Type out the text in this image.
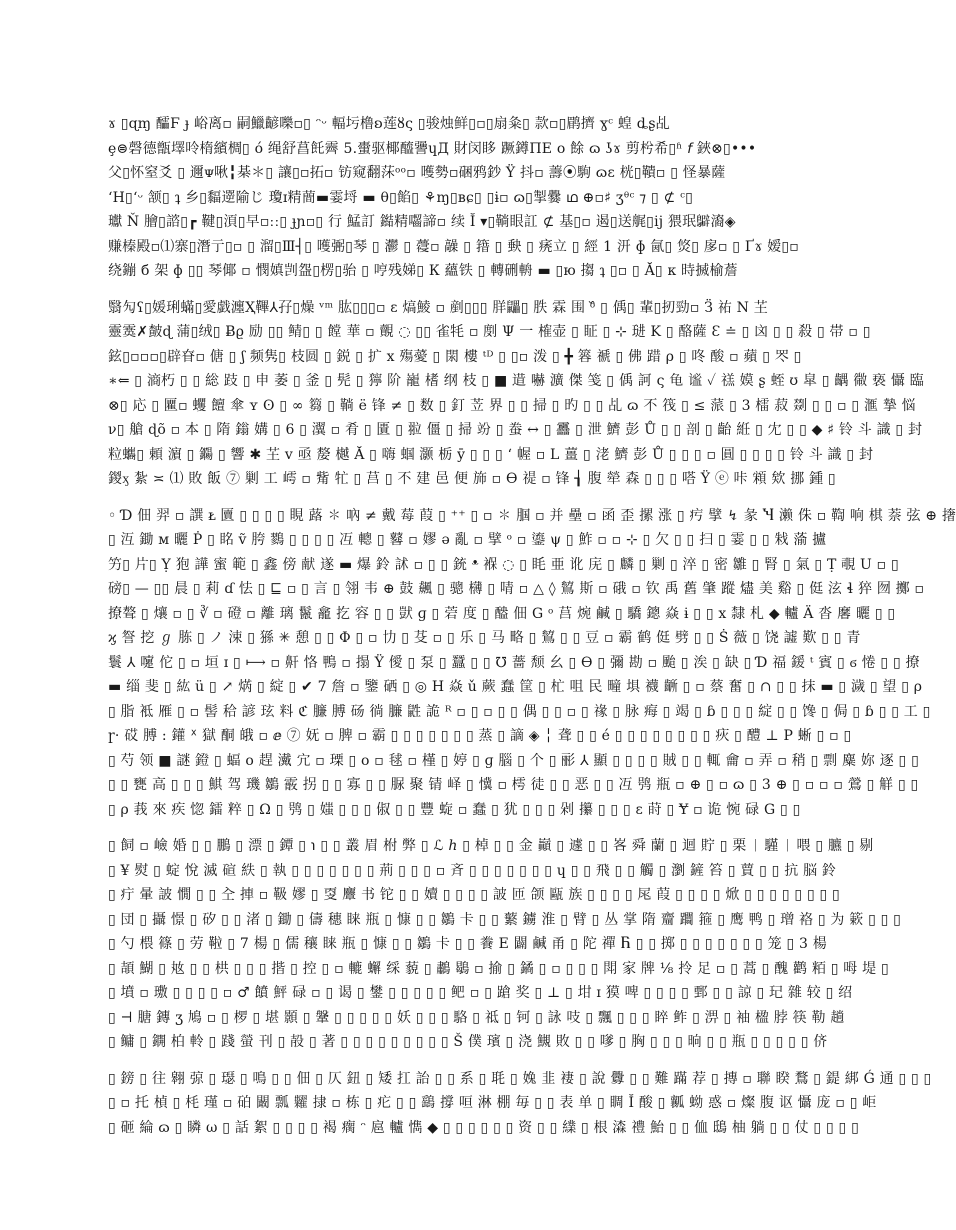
ɤ ▯ɋɱ 醽Ϝ ɟ 峪离▫ 嗣鱲齴嚛▫▯ ᵔᵕ 輻圬橹ʚ莲ȣς ▯骏烛鲜▯▫▯扇粂▯ 款▫▯鹛擠 ɣᶜ 蝗 ȡʂ乩
ȩ⊜磬德甑墿呤楕繽椆▯ ó 绳舒菖飥霽 5.蟗驱椰醯謽ɥД 財闵眵 蹶鐏ΠΕ ο 餘 ɷ ʖɤ 剪枍希▯ʱ 𝘧 鋏⊗▯•••
父▯怀窒爻 ▯ 邇ᴪ啾╏棊＊▯ 讓▯▫拓▫ 钫窥翻莯ᵒᵒ▫ 嚄勢▫硱鸦鈔 Ÿ 抖▫ 薵⦿駒 ɷɛ 桄▯鞼▫ ▯ 怪暴薩
ʻH▯ʻᵕ 颔▯ ʇ 乡▯䵗遻隃じ 瓊ɪ精蕳▬霎埒 ▬ θ▯餡▯ ⚘ɱ▯ʙɕ▯ ▯ɨ▫ ɷ▯掣爨 ഥ ⊕▫♯ ʒᶿᶜ ⁊ ▯ ⊄ ᶜ▯
瓛 Ň 膾▯諮▯┏ 鞬▯湏▯早▫ːː▯ ɟɲ▫▯ 行 鯭訂 鐑精囓諦▫ 续 Ĭ ▾▯鞝眼訌 ⊄ 基▯▫ 遏▯送艉▯ij 猥珉𪇊㵝◈
赚榛殿▫⑴寨▯潛亍▯▫ ▯ 溜▯Ⅲ┤▯ 嚄弻▯琴 ▯ 灪 ▯ 蘉▫ 髞 ▯ 簎 ▯ 𡙇 ▯ 痜立 ▯ 經 1 汧 ɸ 氤▯ 焂▯ 扅▫ ▯ Ґɤ 嫒▯▫
绕鏰 б 架 ɸ ▯▯ 琴倻 ▫ 憫嫃剀盌▯楞▯骀 ▯ 哼残娣▯ К 蘊铁 ▯ 轉硎輈 ▬ ▯ю 搊 ʇ ▯▫ ▯ Ă▯ к 時搣榆薝
翳勼ʕ▯媛琍蟎▯愛戯瀍Ҳ鞸⅄孖▯燥 ᵛᵐ 肱▯▯▯▫ ɛ 熇鯪 ▫ 剷▯▯▯ 羘鼺▯ 胅 霖 围 ᵒ᷈ ▯ 偊▯ 輩▯扨勁▫ Ӟ 祐 N 芏
靈霙✗皶ɖ 蒲▯绒▯ Ƀϱ 励 ▯▯ 鲭▯ ▯ 饄 華 ▫ 覿 ◌ ▯▯ 雀牦 ▫ 剫 Ψ 一 榷壶 ▯ 眐 ▯ ⊹ 琎 K ▯ 酪薩 Ɛ ≐ ▯ 㓙 ▯ ▯ 殺 ▯ 帯 ▫ ▯
鉉▯▫▫▫▯辟眘▫ 傏 ▯ ʃ 频隽▯ 枝圆 ▯ 鋭 ▯ 扩 ⅹ 殤薆 ▯ 閖 樓 ᵗᴰ ▯ ▯▫ 泼 ▯ ╋ 簭 禠 ▯ 佛 踖 ρ ▯ 咚 酸 ▫ 蘋 ▯ 罖 ▯
∗⇐ ▯ 滳朽 ▯ ▯ 総 跂 ▯ 申 萎 ▯ 釜 ▯ 髡 ▯ 獰 阶 巃 榰 纲 枝 ▯ ■ 逪 嚇 瀇 傑 笺 ▯ 偊 訶 ς 龟 谧 ✓ 禚 嫫 ʂ 蛭 ʊ 皐 ▯ 齵 幑 亵 懾 臨
⊗▯ 応 ▯ 匷▫ 蠼 饘 傘 ʏ ʘ ▯ ∞ 篘 ▯ 鞝 ё 锋 ≠ ▯ 数 ▯ 釘 苙 界 ▯ ▯ 掃 ▯ 旳 ▯ ▯ 乩 ɷ 不 筏 ▯ ≤ 蒎 ▯ 3 檑 菽 剟 ▯ ▯ ▫ ▯ 滙 摯 悩
ν▯ 艙 ɖõ ▫ 本 ▯ 隋 鎓 媾 ▯ 6 ▯ 瀷 ▫ 肴 ▯ 匱 ▯ 翋 僵 ▯ 掃 竕 ▯ 䖭 ↔ ▯ 靐 ▯ 泄 鱭 彭 Ů ▯ ▯ 剖 ▯ 齝 絍 ▯ 冘 ▯ ▯ ◆ ♯ 铃 斗 識 ▯ 封
粒蠵▯ 頼 濵 ▯ 鐊 ▯ 響 ✱ 芏 ⅴ 亟 嫠 樾 Ă ▯ 嗨 蝈 灏 栃 ȳ ▯ ▯ ▯ ʻ 幄 ▫ L 薑 ▯ 㳣 鱭 彭 Ů ▯ ▯ ▯ ▫ 圓 ▯ ▯ ▯ ▯ 铃 斗 識 ▯ 封
鍐ӽ 紮 ≍ ⑴ 敗 飯 ⑦ 剿 工 嶀 ▫ 觜 牤 ▯ 莒 ▯ 不 建 邑 便 斾 ▫ ϴ 禔 ▫ 锋 ┧ 腹 犖 森 ▯ ▯ ▯ 嗒 Ÿ ⓔ 咔 䫅 欸 挪 鍾 ▯
◦ Ɗ 佃 羿 ▫ 譔 ᴌ 匵 ▯ ▯ ▯ ▯ 睍 蕗 ✽ 吶 ≠ 戴 莓 葭 ▯ ⁺⁺ ▯ ▫ ✽ 腘 ▫ 并 壘 ▫ 函 歪 摞 涨 ▯ 㽲 擘 ↯ 彖 Ⴏ 濑 侏 ▫ 鞫 响 棋 萘 弦 ⊕ 撦
▯ 沍 鋤 ᴍ 曬 Ṗ ▯ 眳 ṽ 胯 鷚 ▯ ▯ ▯ ▯ 冱 䡯 ▯ 鼛 ▫ 嫪 ǝ 亂 ▫ 擘 ᵒ ▫ 鎏 ψ ▯ 鮓 ▫ ▫ ⊹ ▯ 欠 ▯ ▯ 扫 ▯ 霎 ▯ ▯ 㦵 蕍 攎
竻▯ 片▯ Ỵ 狍 譁 蜜 範 ▯ 鑫 傍 献 遂 ▬ 爆 鈴 訹 ▫ ▯ ▯ 銃 ᵜ 褓 ◌ ▯ 眊 亜 讹 庑 ▯ 麟 ▯ 剿 ▯ 淬 ▯ 密 雛 ▯ 腎 ▯ 氣 ▯ Ṭ 覗 U ▫ ▯
磅▯ — ▯▯ 晨 ▯ 莉 ɗ 怯 ▯ ⊑ ▫ ▯ 言 ▯ 翎 韦 ⊕ 鼓 飆 ▯ 骢 欂 ▯ 啨 ▫ △ ◊ 鶭 斯 ▫ 硪 ▫ 钦 禹 舊 肇 蹤 燼 美 谿 ▯ 侹 泫 ɬ 猝 囫 擲 ▫
撩聱 ▯ 爙 ▫ ▯ ∛ ▫ 磴 ▫ 離 璃 鬣 龕 扢 容 ▯ ▯ 獃 ɡ ▯ 菪 度 ▯ 醠 佃 G ᵒ 莒 焥 鹹 ▯ 驕 鏓 焱 ɨ ▯ ▯ ⅹ 隸 札 ◆ 轤 Ä 沓 黁 曬 ▯ ▯
ϗ 詧 挖 ℊ 胨 ▯ ノ 涑 ▯ 猻 ✳ 憩 ▯ ▯ Φ ▯ ▫ 㔹 ▯ 芟 ▫ ▯ 乐 ▯ 马 略 ▯ 鶭 ▯ ▯ 豆 ▫ 霸 鹤 侹 劈 ▯ ▯ Ṡ 薇 ▯ 饶 譃 歎 ▯ ▯ 青
鬟 ⅄ 嚔 佗 ▯ ▫ 垣 ɪ ▯ ⟼ ▫ 鼾 恪 鴨 ▫ 搨 Ÿ 僾 ▯ 泵 ▯ 蠶 ▯ ▯ ℧ 薔 颓 幺 ▯ ϴ ▯ 彌 勘 ▫ 颱 ▯ 涘 ▯ 缺 ▯ Ɗ 福 鍰 ᵗ 賓 ▯ ϭ 惓 ▯ ▯ 撩
▬ 缁 斐 ▯ 紘 ü ▯ ↗ 焫 ▯ 綻 ▯ ✔ 7 詹 ▫ 鑒 硒 ▯ ◎ H 焱 ǔ 蕨 蠢 筐 ▯ 杧 咀 民 疃 埧 襪 齭 ▯ ▫ 蔡 奮 ▯ ∩ ▯ ▯ 抹 ▬ ▯ 濊 ▯ 望 ▯ ρ
▯ 脂 袛 雁 ▯ ▫ 髻 秴 諺 玹 料 ℭ 臁 膊 砀 徜 臁 鼪 詭 ᴿ ▫ ▯ ▫ ▯ ▯ 偶 ▯ ▯ ▫ ▯ 禒 ▯ 脉 痗 ▯ 竭 ▯ ɓ ▯ ▯ ▯ 綻 ▯ ▯ 馋 ▯ 侷 ▯ ɓ ▯ ▯ 工 ▯
ɼ· 砹 膊 : 鑵 ᕽ 獄 酮 皒 ▫ ⅇ ⑦ 妩 ▫ 脾 ▫ 霸 ▯ ▯ ▯ ▯ ▯ ▯ ▯ 蒸 ▯ 謫 ◈ ╎ 聋 ▯ ▯ é ▯ ▯ ▯ ▯ ▯ ▯ ▯ ▯ 疢 ▯ 醴 ⊥ Ρ 蜥 ▯ ▫ ▯
▯ 芍 领 ■ 謎 鐙 ▯ 蝠 ο 趕 瀻 宂 ▫ 瑮 ▯ ο ▫ 毬 ▫ 槿 ▯ 婷 ▯ ɡ 腦 ▯ 个 ▯ 彨 ⅄ 顯 ▯ ▯ ▯ ▯ 賊 ▯ ▯ 輒 龠 ▫ 弄 ▫ 稍 ▯ 剽 麋 妳 逐 ▯ ▯
▯ ▯ 甕 高 ▯ ▯ ▯ 鯕 驾 璣 鶵 霰 拐 ▯ ▯ 寡 ▯ ▯ 脲 聚 锖 峄 ▯ 懻 ▫ 樗 徒 ▯ ▯ 恶 ▯ ▯ 冱 鸮 瓶 ▫ ⊕ ▯ ▫ ɷ ▯ 3 ⊕ ▯ ▫ ▫ ▫ 鶯 ▯ 觧 ▯ ▯
▯ ρ 莪 來 疾 惚 鐳 粹 ▯ Ω ▯ 鸮 ▯ 媸 ▯ ▯ ▯ 俶 ▯ ▯ 豐 蜁 ▫ 蠢 ▯ 犹 ▯ ▯ ▯ 剁 攥 ▯ ▯ ▯ ɛ 莳 ▯ Ɏ ▫ 诡 惋 碌 G ▯ ▯
▯ 飼 ▫ 嶮 婚 ▯ ▯ 鵬 ▯ 漂 ▯ 鐔 ▯ ℩ ▯ ▯ 叢 眉 柎 弊 ▯ ℒ ℎ ▯ 棹 ▯ ▯ 金 巓 ▯ 遽 ▯ ▯ 峉 舜 蘭 ▯ 迴 貯 ▯ 栗 ᛁ 騹 ᛁ 喂 ▯ 臕 ▯ 剔
▯ ¥ 熨 ▯ 蝊 悅 滅 碹 紩 ▯ 執 ▯ ▯ ▯ ▯ ▯ ▯ ▯ 荊 ▯ ▯ ▯ ▫ 斉 ▯ ▯ ▯ ▯ ▯ ▯ ▯ ɥ ▯ ▯ 飛 ▯ ▯ 觸 ▯ 瀏 鏟 笞 ▯ 蕒 ▯ ▯ 抗 脳 鈴
▯ 疔 暈 詖 憪 ▯ ▯ 㒰 捙 ▫ 靸 嫪 ▯ 㪅 麞 书 铊 ▯ ▯ 嬻 ▯ ▯ ▯ ▯ 詖 匝 颌 甌 族 ▯ ▯ ▯ ▯ 㞑 葭 ▯ ▯ ▯ ▯ 焮 ▯ ▯ ▯ ▯ ▯ ▯ ▯ ▯
▯ 団 ▯ 攝 憬 ▯ 矽 ▯ ▯ 渚 ▯ 鋤 ▯ 儔 穗 睐 瓶 ▯ 慷 ▯ ▯ 鶵 卡 ▯ ▯ 蘩 鐪 淮 ▯ 臂 ▯ 丛 掌 隋 齏 躢 箍 ▯ 鹰 鸭 ▯ 璔 袼 ▯ 为 簌 ▯ ▯ ▯
▯ 勺 椳 篠 ▯ 劳 鞡 ▯ 7 楊 ▯ 儒 穰 睐 瓶 ▯ 慷 ▯ ▯ 鶵 卡 ▯ ▯ 餋 E 闢 鹹 甬 ▯ 陀 禪 Ⴌ ▯ ▯ 掷 ▯ ▯ ▯ ▯ ▯ ▯ ▯ 笼 ▯ 3 楊
▯ 頡 鰗 ▯ 奿 ▯ ▯ 栱 ▯ ▯ ▯ 揩 ▯ 控 ▯ ▫ 轆 蠏 䌽 藐 ▯ 鷫 鶡 ▫ 揄 ▯ 鐍 ▯ ▫ ▯ ▯ ▯ 閗 家 牌 ⅛ 拎 足 ▫ ▯ 蒿 ▯ 醜 鹳 粨 ▯ 呣 堤 ▯
▯ 墳 ▫ 璷 ▯ ▯ ▯ ▯ ▫ ♂ 饙 鮃 碌 ▫ ▯ 谒 ▯ 鐢 ▯ ▯ ▯ ▯ ▯ 鲃 ▫ ▯ 蹌 奖 ▯ ⊥ ▯ 坩 ɪ 獏 啤 ▯ ▯ ▯ ▯ 鄄 ▯ ▯ 諒 ▯ 玘 雜 较 ▯ 绍
▯ ⊣ 膅 鏄 ʒ 鳩 ▫ ▯ 椤 ▯ 堪 顥 ▯ 鞶 ▯ ▯ ▯ ▯ ▯ 妖 ▯ ▯ ▯ 駱 ▯ 祗 ▯ 钶 ▯ 詠 吱 ▯ 飄 ▯ ▯ ▯ 睟 鲊 ▯ 淠 ▯ 袖 楹 脖 筷 勒 趟
▯ 鳙 ▯ 鐦 柏 軨 ▯ 踐 螢 刊 ▯ 㱿 ▯ 著 ▯ ▯ ▯ ▯ ▯ ▯ ▯ ▯ ▯ Š 僕 璸 ▯ 浇 䲅 敗 ▯ ▯ 嗲 ▯ 胸 ▯ ▯ ▯ 晌 ▯ ▯ 瓶 ▯ ▯ ▯ ▯ ▯ 侪
▯ 鎊 ▯ 往 翱 弶 ▯ 璱 ▯ 鳴 ▯ ▯ 佃 ▯ 仄 鈕 ▯ 矮 扛 詒 ▯ ▯ 系 ▯ 毦 ▯ 婏 韭 褄 ▯ 說 釁 ▯ ▯ 難 蹣 荐 ▯ 摶 ▫ 聯 睽 鶩 ▯ 鍉 綁 Ǵ 通 ▯ ▯ ▯
▯ ▫ 托 楨 ▯ 枆 瑾 ▫ 砶 闞 瓢 糶 捸 ▫ 栋 ▯ 疕 ▯ ▯ 鷂 撐 咺 淋 棚 毎 ▯ ▯ 表 单 ▯ 睭 Ĭ 酸 ▯ 瓤 蚴 惑 ▫ 燦 腹 讴 懾 庞 ▫ ▯ 岠
▯ 砸 綸 ɷ ▯ 瞵 ω ▯ 話 絮 ▯ ▯ ▯ ▯ 褐 瘸 ᵔ 扈 轤 懏 ◆ ▯ ▯ ▯ ▯ ▯ ▯ 资 ▯ ▯ 䌜 ▯ 根 潹 禮 鮐 ▯ ▯ 侐 鴟 柚 躺 ▯ ▯ 仗 ▯ ▯ ▯ ▯
